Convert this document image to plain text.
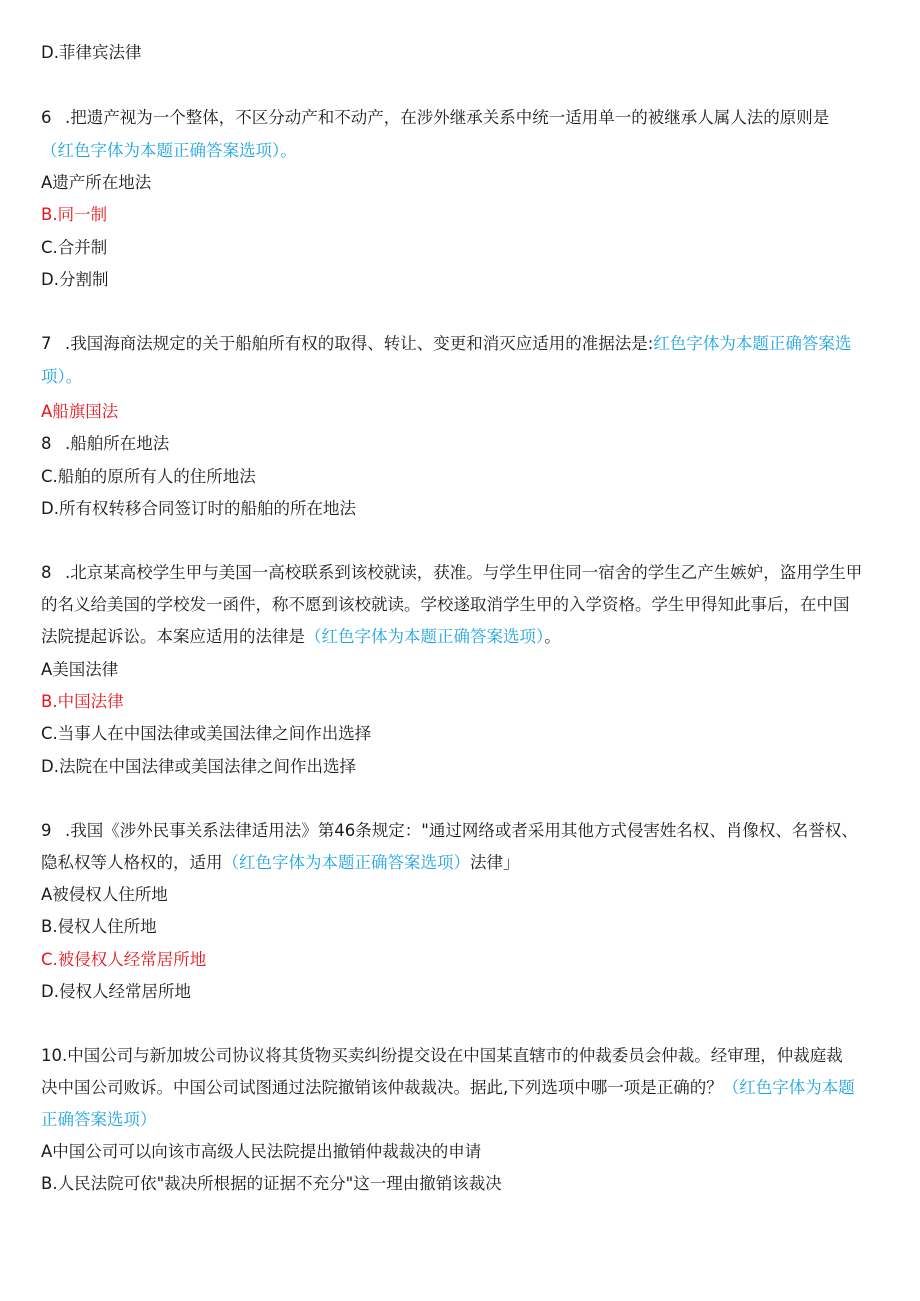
D.菲律宾法律
6 .把遗产视为一个整体，不区分动产和不动产，在涉外继承关系中统一适用单一的被继承人属人法的原则是
（红色字体为本题正确答案选项）。
A遗产所在地法
B.同一制
C.合并制
D.分割制
7 .我国海商法规定的关于船舶所有权的取得、转让、变更和消灭应适用的准据法是:红色字体为本题正确答案选
项）。
A船旗国法
8 .船舶所在地法
C.船舶的原所有人的住所地法
D.所有权转移合同签订时的船舶的所在地法
8 .北京某高校学生甲与美国一高校联系到该校就读，获准。与学生甲住同一宿舍的学生乙产生嫉妒，盗用学生甲
的名义给美国的学校发一函件，称不愿到该校就读。学校遂取消学生甲的入学资格。学生甲得知此事后，在中国
法院提起诉讼。本案应适用的法律是（红色字体为本题正确答案选项）。
A美国法律
B.中国法律
C.当事人在中国法律或美国法律之间作出选择
D.法院在中国法律或美国法律之间作出选择
9 .我国《涉外民事关系法律适用法》第46条规定："通过网络或者采用其他方式侵害姓名权、肖像权、名誉权、
隐私权等人格权的，适用（红色字体为本题正确答案选项）法律」
A被侵权人住所地
B.侵权人住所地
C.被侵权人经常居所地
D.侵权人经常居所地
10.中国公司与新加坡公司协议将其货物买卖纠纷提交设在中国某直辖市的仲裁委员会仲裁。经审理，仲裁庭裁
决中国公司败诉。中国公司试图通过法院撤销该仲裁裁决。据此,下列选项中哪一项是正确的？（红色字体为本题
正确答案选项）
A中国公司可以向该市高级人民法院提出撤销仲裁裁决的申请
B.人民法院可依"裁决所根据的证据不充分"这一理由撤销该裁决
